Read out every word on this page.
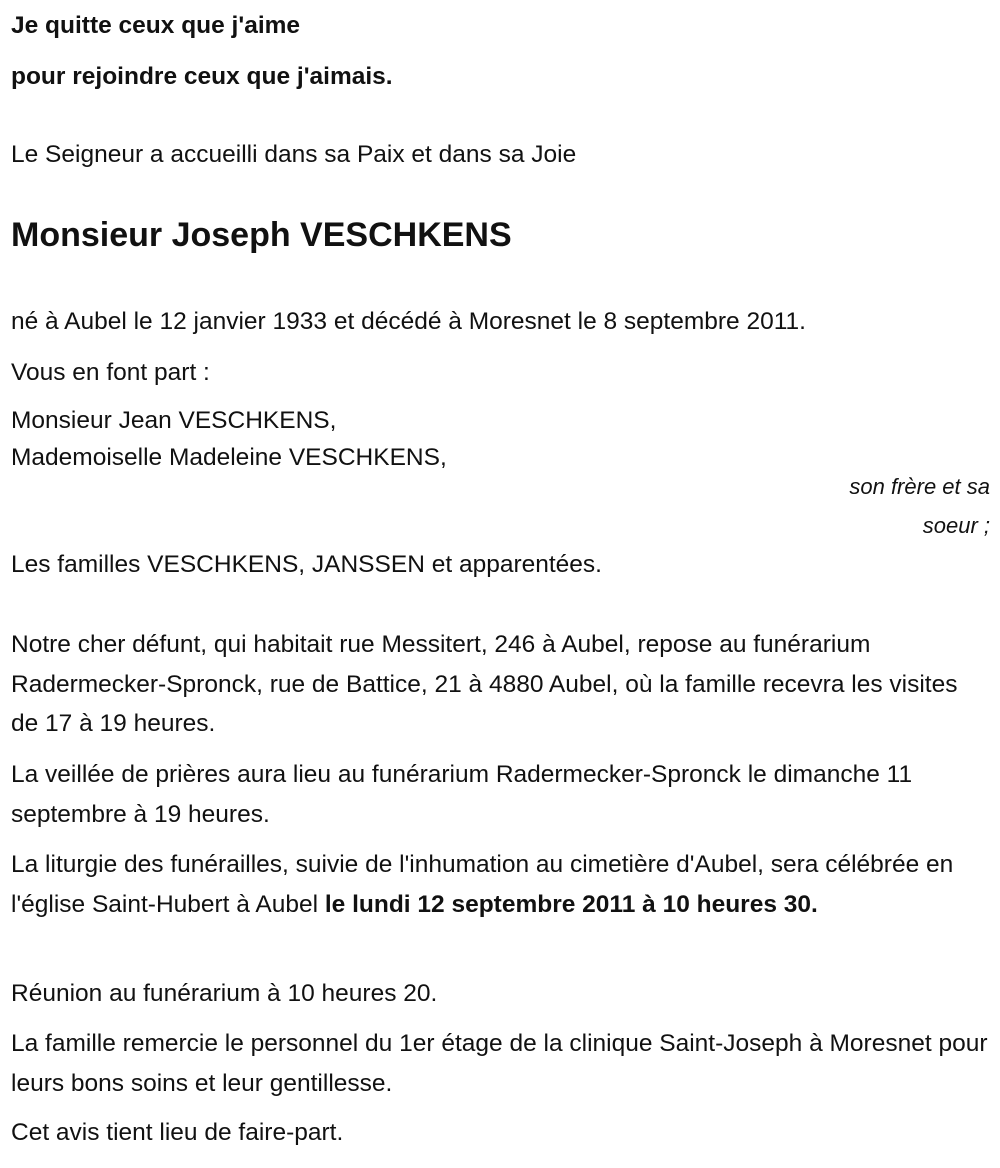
Je quitte ceux que j'aime
pour rejoindre ceux que j'aimais.
Le Seigneur a accueilli dans sa Paix et dans sa Joie
Monsieur Joseph VESCHKENS
né à Aubel le 12 janvier 1933 et décédé à Moresnet le 8 septembre 2011.
Vous en font part :
Monsieur Jean VESCHKENS,
Mademoiselle Madeleine VESCHKENS,
son frère et sa
soeur ;
Les familles VESCHKENS, JANSSEN et apparentées.
Notre cher défunt, qui habitait rue Messitert, 246 à Aubel, repose au funérarium Radermecker-Spronck, rue de Battice, 21 à 4880 Aubel, où la famille recevra les visites de 17 à 19 heures.
La veillée de prières aura lieu au funérarium Radermecker-Spronck le dimanche 11 septembre à 19 heures.
La liturgie des funérailles, suivie de l'inhumation au cimetière d'Aubel, sera célébrée en l'église Saint-Hubert à Aubel le lundi 12 septembre 2011 à 10 heures 30.
Réunion au funérarium à 10 heures 20.
La famille remercie le personnel du 1er étage de la clinique Saint-Joseph à Moresnet pour leurs bons soins et leur gentillesse.
Cet avis tient lieu de faire-part.
